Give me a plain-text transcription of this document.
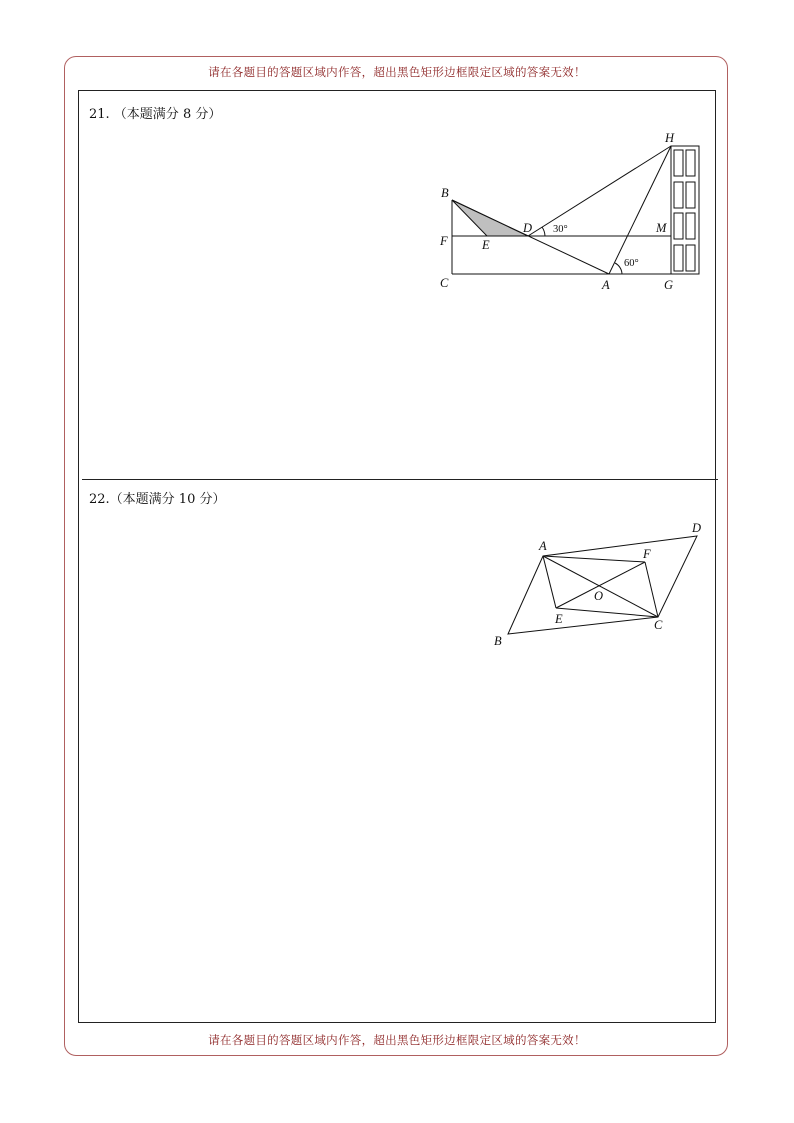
请在各题目的答题区域内作答，超出黑色矩形边框限定区域的答案无效！
21. （本题满分 8 分）
22.（本题满分 10 分）
B
F
C
E
D
A
H
M
G
30°
60°
A
B
C
D
E
F
O
请在各题目的答题区域内作答，超出黑色矩形边框限定区域的答案无效！
